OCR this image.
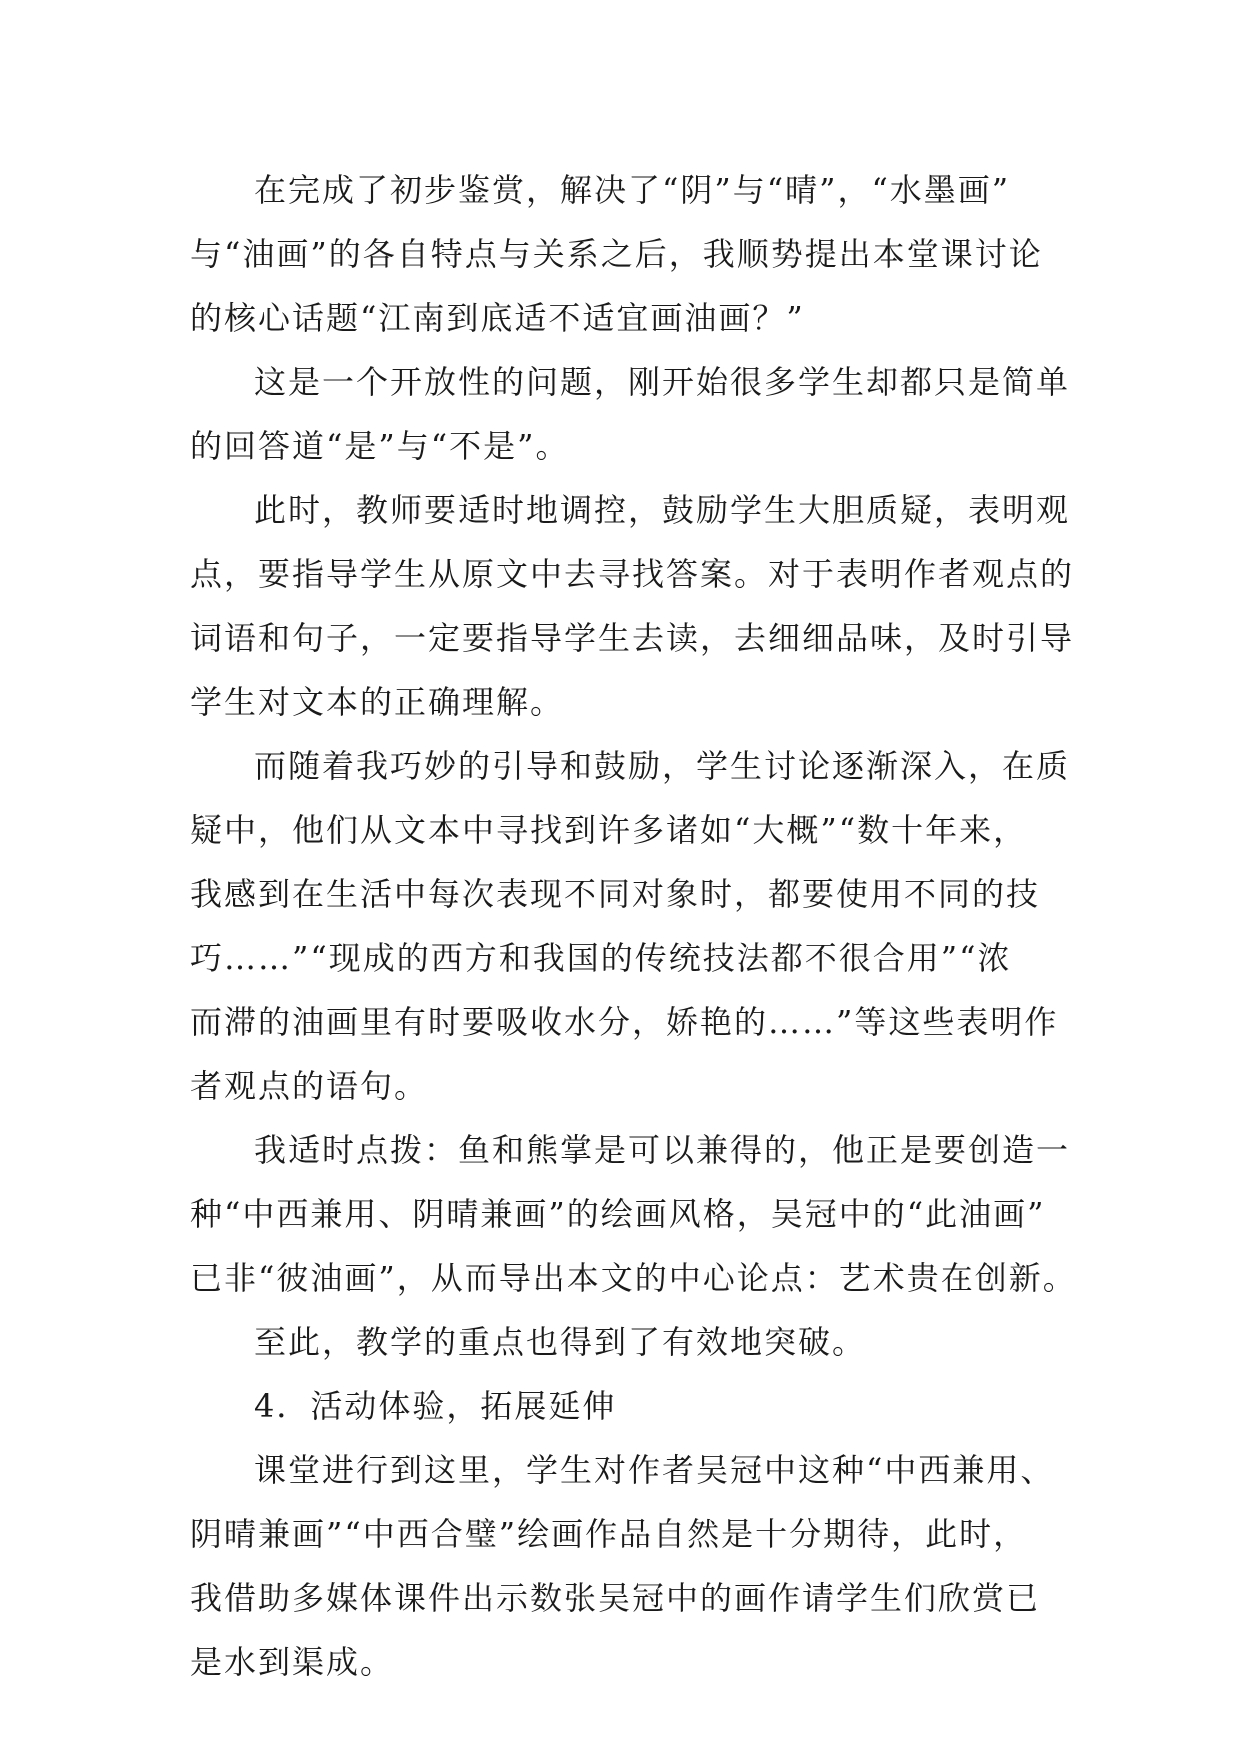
在完成了初步鉴赏，解决了“阴”与“晴”，“水墨画”
与“油画”的各自特点与关系之后，我顺势提出本堂课讨论
的核心话题“江南到底适不适宜画油画？”
这是一个开放性的问题，刚开始很多学生却都只是简单
的回答道“是”与“不是”。
此时，教师要适时地调控，鼓励学生大胆质疑，表明观
点，要指导学生从原文中去寻找答案。对于表明作者观点的
词语和句子，一定要指导学生去读，去细细品味，及时引导
学生对文本的正确理解。
而随着我巧妙的引导和鼓励，学生讨论逐渐深入，在质
疑中，他们从文本中寻找到许多诸如“大概”“数十年来，
我感到在生活中每次表现不同对象时，都要使用不同的技
巧……”“现成的西方和我国的传统技法都不很合用”“浓
而滞的油画里有时要吸收水分，娇艳的……”等这些表明作
者观点的语句。
我适时点拨：鱼和熊掌是可以兼得的，他正是要创造一
种“中西兼用、阴晴兼画”的绘画风格，吴冠中的“此油画”
已非“彼油画”，从而导出本文的中心论点：艺术贵在创新。
至此，教学的重点也得到了有效地突破。
4．活动体验，拓展延伸
课堂进行到这里，学生对作者吴冠中这种“中西兼用、
阴晴兼画”“中西合璧”绘画作品自然是十分期待，此时，
我借助多媒体课件出示数张吴冠中的画作请学生们欣赏已
是水到渠成。
